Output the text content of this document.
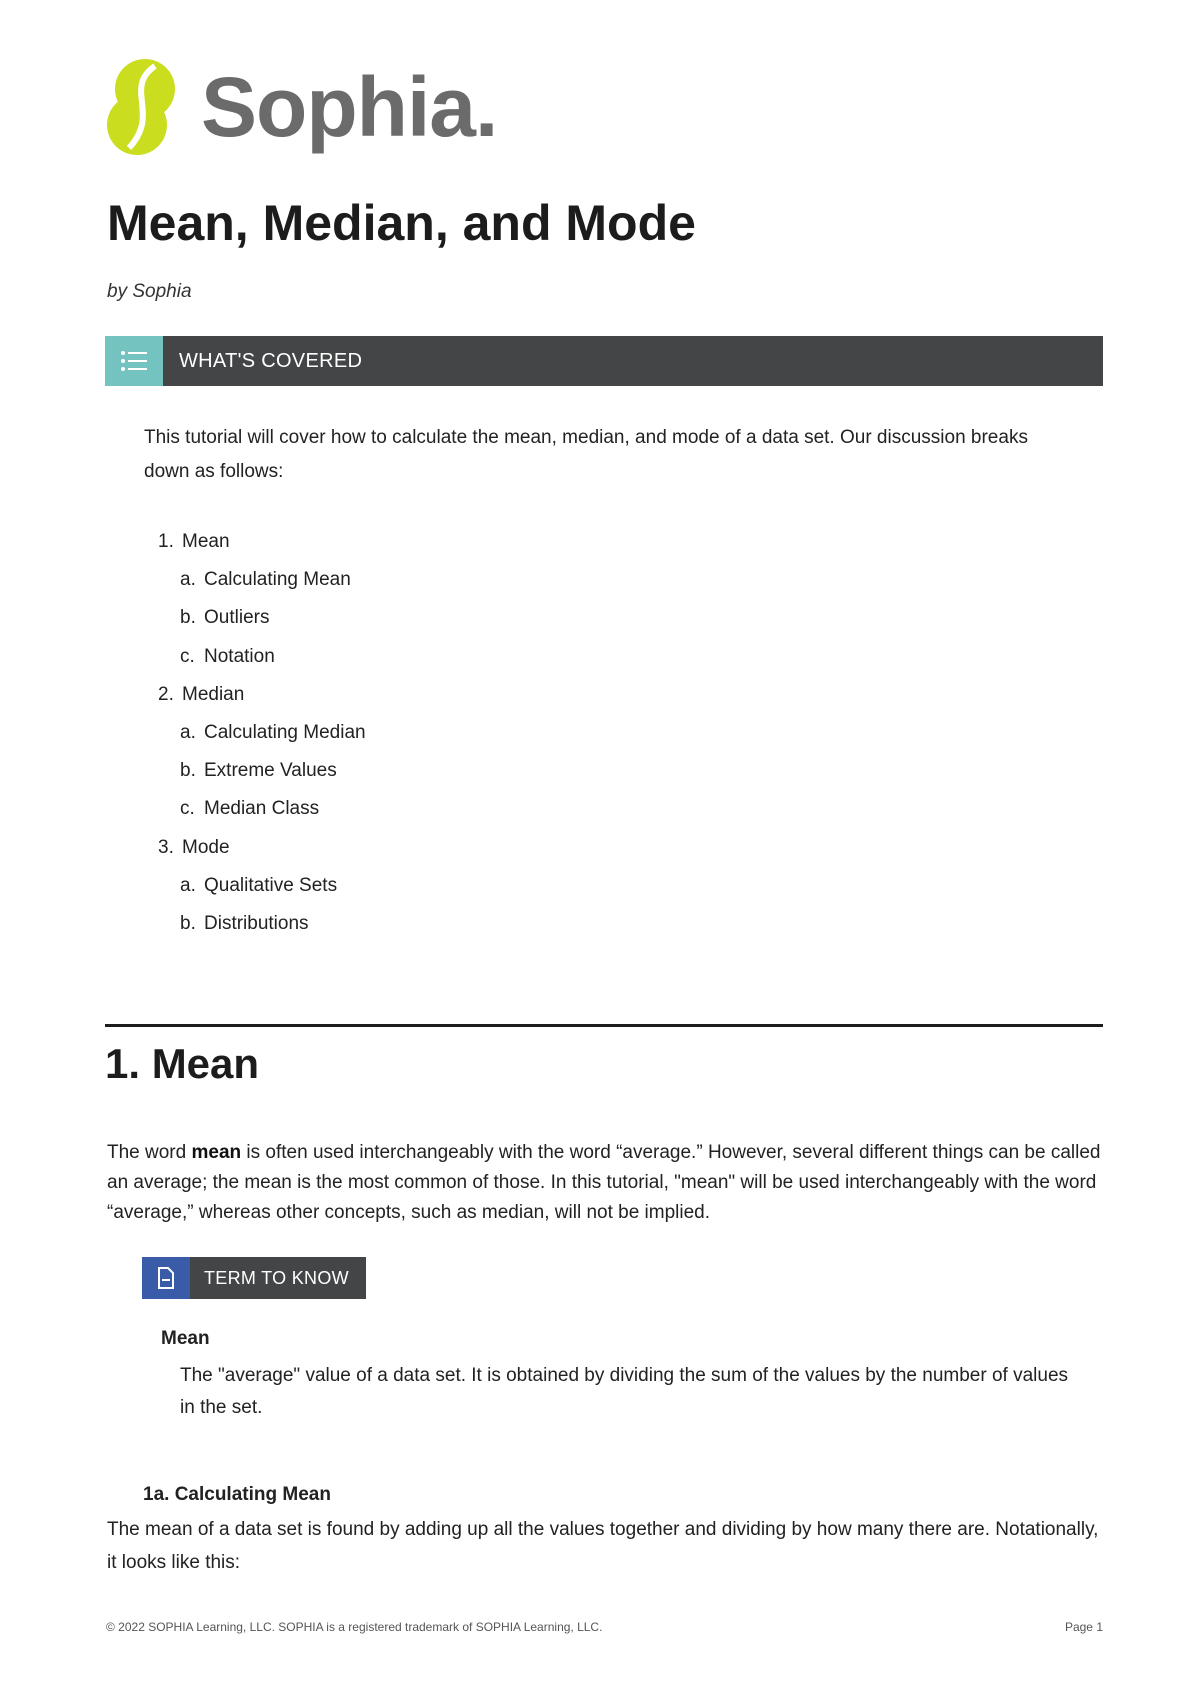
Sophia.
Mean, Median, and Mode
by Sophia
WHAT'S COVERED

This tutorial will cover how to calculate the mean, median, and mode of a data set. Our discussion breaks down as follows:

1. Mean
a. Calculating Mean
b. Outliers
c. Notation
2. Median
a. Calculating Median
b. Extreme Values
c. Median Class
3. Mode
a. Qualitative Sets
b. Distributions
1. Mean

The word mean is often used interchangeably with the word “average.” However, several different things can be called an average; the mean is the most common of those. In this tutorial, "mean" will be used interchangeably with the word “average,” whereas other concepts, such as median, will not be implied.

TERM TO KNOW
Mean

The "average" value of a data set. It is obtained by dividing the sum of the values by the number of values in the set.

1a. Calculating Mean

The mean of a data set is found by adding up all the values together and dividing by how many there are. Notationally, it looks like this:

© 2022 SOPHIA Learning, LLC. SOPHIA is a registered trademark of SOPHIA Learning, LLC.	Page 1
